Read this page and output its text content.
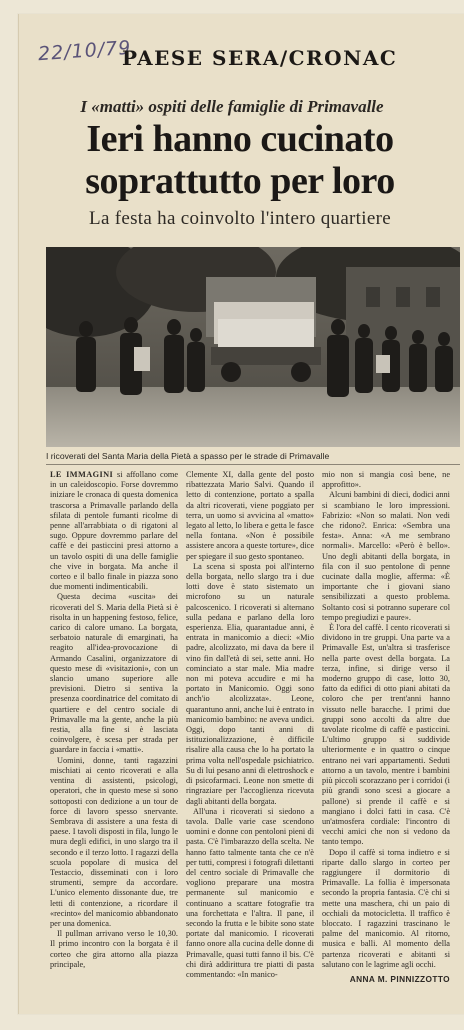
22/10/79
PAESE SERA/CRONAC
I «matti» ospiti delle famiglie di Primavalle
Ieri hanno cucinato
soprattutto per loro
La festa ha coinvolto l'intero quartiere
I ricoverati del Santa Maria della Pietà a spasso per le strade di Primavalle

LE IMMAGINI si affollano come in un caleidoscopio. Forse dovremmo iniziare le cronaca di questa domenica trascorsa a Primavalle parlando della sfilata di pentole fumanti ricolme di penne all'arrabbiata o di rigatoni al sugo. Oppure dovremmo parlare del caffè e dei pasticcini presi attorno a un tavolo ospiti di una delle famiglie che vive in borgata. Ma anche il corteo e il ballo finale in piazza sono due momenti indimenticabili.

Questa decima «uscita» dei ricoverati del S. Maria della Pietà si è risolta in un happening festoso, felice, carico di calore umano. La borgata, serbatoio naturale di emarginati, ha reagito all'idea-provocazione di Armando Casalini, organizzatore di questo mese di «visitazioni», con un slancio umano superiore alle previsioni. Dietro si sentiva la presenza coordinatrice del comitato di quartiere e del centro sociale di Primavalle ma la gente, anche la più restia, alla fine si è lasciata coinvolgere, è scesa per strada per guardare in faccia i «matti».

Uomini, donne, tanti ragazzini mischiati ai cento ricoverati e alla ventina di assistenti, psicologi, operatori, che in questo mese si sono sottoposti con dedizione a un tour de force di lavoro spesso snervante. Sembrava di assistere a una festa di paese. I tavoli disposti in fila, lungo le mura degli edifici, in uno slargo tra il secondo e il terzo lotto. I ragazzi della scuola popolare di musica del Testaccio, disseminati con i loro strumenti, sempre da accordare. L'unico elemento dissonante due, tre letti di contenzione, a ricordare il «recinto» del manicomio abbandonato per una domenica.

Il pullman arrivano verso le 10,30. Il primo incontro con la borgata è il corteo che gira attorno alla piazza principale,

Clemente XI, dalla gente del posto ribattezzata Mario Salvi. Quando il letto di contenzione, portato a spalla da altri ricoverati, viene poggiato per terra, un uomo si avvicina al «matto» legato al letto, lo libera e getta le fasce nella fontana. «Non è possibile assistere ancora a queste torture», dice per spiegare il suo gesto spontaneo.

La scena si sposta poi all'interno della borgata, nello slargo tra i due lotti dove è stato sistemato un microfono su un naturale palcoscenico. I ricoverati si alternano sulla pedana e parlano della loro esperienza. Elia, quarantadue anni, è entrata in manicomio a dieci: «Mio padre, alcolizzato, mi dava da bere il vino fin dall'età di sei, sette anni. Ho cominciato a star male. Mia madre non mi poteva accudire e mi ha portato in Manicomio. Oggi sono anch'io alcolizzata». Leone, quarantuno anni, anche lui è entrato in manicomio bambino: ne aveva undici. Oggi, dopo tanti anni di istituzionalizzazione, è difficile risalire alla causa che lo ha portato la prima volta nell'ospedale psichiatrico. Su di lui pesano anni di elettroshock e di psicofarmaci. Leone non smette di ringraziare per l'accoglienza ricevuta dagli abitanti della borgata.

All'una i ricoverati si siedono a tavola. Dalle varie case scendono uomini e donne con pentoloni pieni di pasta. C'è l'imbarazzo della scelta. Ne hanno fatto talmente tanta che ce n'è per tutti, compresi i fotografi dilettanti del centro sociale di Primavalle che vogliono preparare una mostra permanente sul manicomio e continuano a scattare fotografie tra una forchettata e l'altra. Il pane, il secondo la frutta e le bibite sono state portate dal manicomio. I ricoverati fanno onore alla cucina delle donne di Primavalle, quasi tutti fanno il bis. C'è chi dirà addirittura tre piatti di pasta commentando: «In manico-

mio non si mangia così bene, ne approfitto».

Alcuni bambini di dieci, dodici anni si scambiano le loro impressioni. Fabrizio: «Non so malati. Non vedi che ridono?. Enrica: «Sembra una festa». Anna: «A me sembrano normali». Marcello: «Però è bello». Uno degli abitanti della borgata, in fila con il suo pentolone di penne cucinate dalla moglie, afferma: «È importante che i giovani siano sensibilizzati a questo problema. Soltanto così si potranno superare col tempo pregiudizi e paure».

È l'ora del caffè. I cento ricoverati si dividono in tre gruppi. Una parte va a Primavalle Est, un'altra si trasferisce nella parte ovest della borgata. La terza, infine, si dirige verso il moderno gruppo di case, lotto 30, fatto da edifici di otto piani abitati da coloro che per trent'anni hanno vissuto nelle baracche. I primi due gruppi sono accolti da altre due tavolate ricolme di caffè e pasticcini. L'ultimo gruppo si suddivide ulteriormente e in quattro o cinque entrano nei vari appartamenti. Seduti attorno a un tavolo, mentre i bambini più piccoli scorazzano per i corridoi (i più grandi sono scesi a giocare a pallone) si prende il caffè e si mangiano i dolci fatti in casa. C'è un'atmosfera cordiale: l'incontro di vecchi amici che non si vedono da tanto tempo.

Dopo il caffè si torna indietro e si riparte dallo slargo in corteo per raggiungere il dormitorio di Primavalle. La follia è impersonata secondo la propria fantasia. C'è chi si mette una maschera, chi un paio di occhiali da motocicletta. Il traffico è bloccato. I ragazzini trascinano le palme del manicomio. Al ritorno, musica e balli. Al momento della partenza ricoverati e abitanti si salutano con le lagrime agli occhi.

ANNA M. PINNIZZOTTO
